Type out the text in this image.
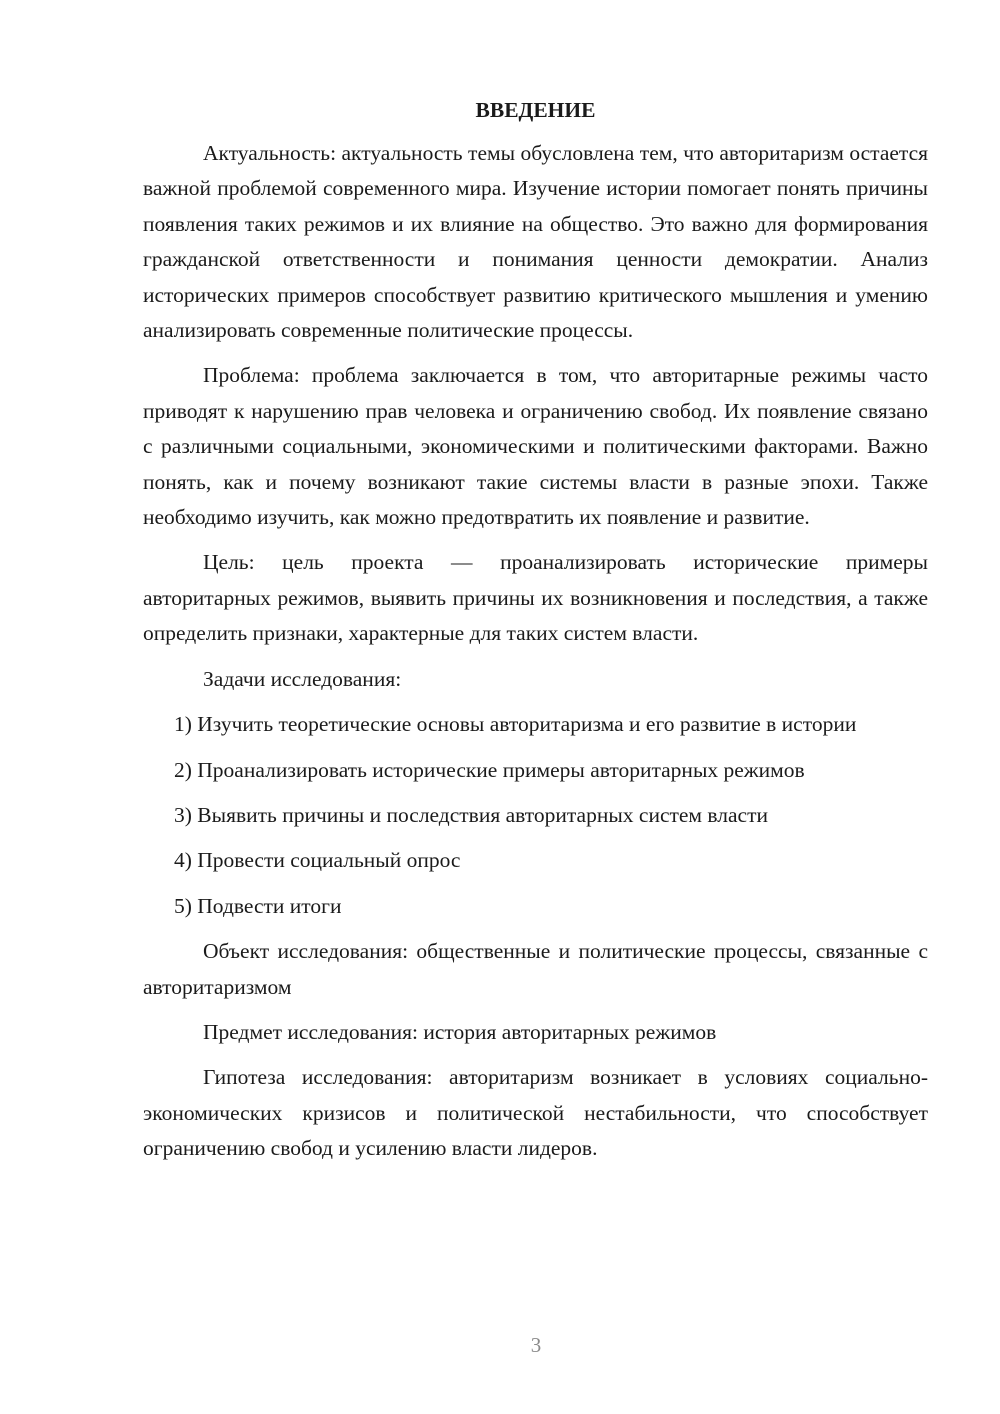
ВВЕДЕНИЕ

Актуальность: актуальность темы обусловлена тем, что авторитаризм остается важной проблемой современного мира. Изучение истории помогает понять причины появления таких режимов и их влияние на общество. Это важно для формирования гражданской ответственности и понимания ценности демократии. Анализ исторических примеров способствует развитию критического мышления и умению анализировать современные политические процессы.

Проблема: проблема заключается в том, что авторитарные режимы часто приводят к нарушению прав человека и ограничению свобод. Их появление связано с различными социальными, экономическими и политическими факторами. Важно понять, как и почему возникают такие системы власти в разные эпохи. Также необходимо изучить, как можно предотвратить их появление и развитие.

Цель: цель проекта — проанализировать исторические примеры авторитарных режимов, выявить причины их возникновения и последствия, а также определить признаки, характерные для таких систем власти.

Задачи исследования:

1) Изучить теоретические основы авторитаризма и его развитие в истории

2) Проанализировать исторические примеры авторитарных режимов

3) Выявить причины и последствия авторитарных систем власти

4) Провести социальный опрос

5) Подвести итоги

Объект исследования: общественные и политические процессы, связанные с авторитаризмом

Предмет исследования: история авторитарных режимов

Гипотеза исследования: авторитаризм возникает в условиях социально-экономических кризисов и политической нестабильности, что способствует ограничению свобод и усилению власти лидеров.

3
